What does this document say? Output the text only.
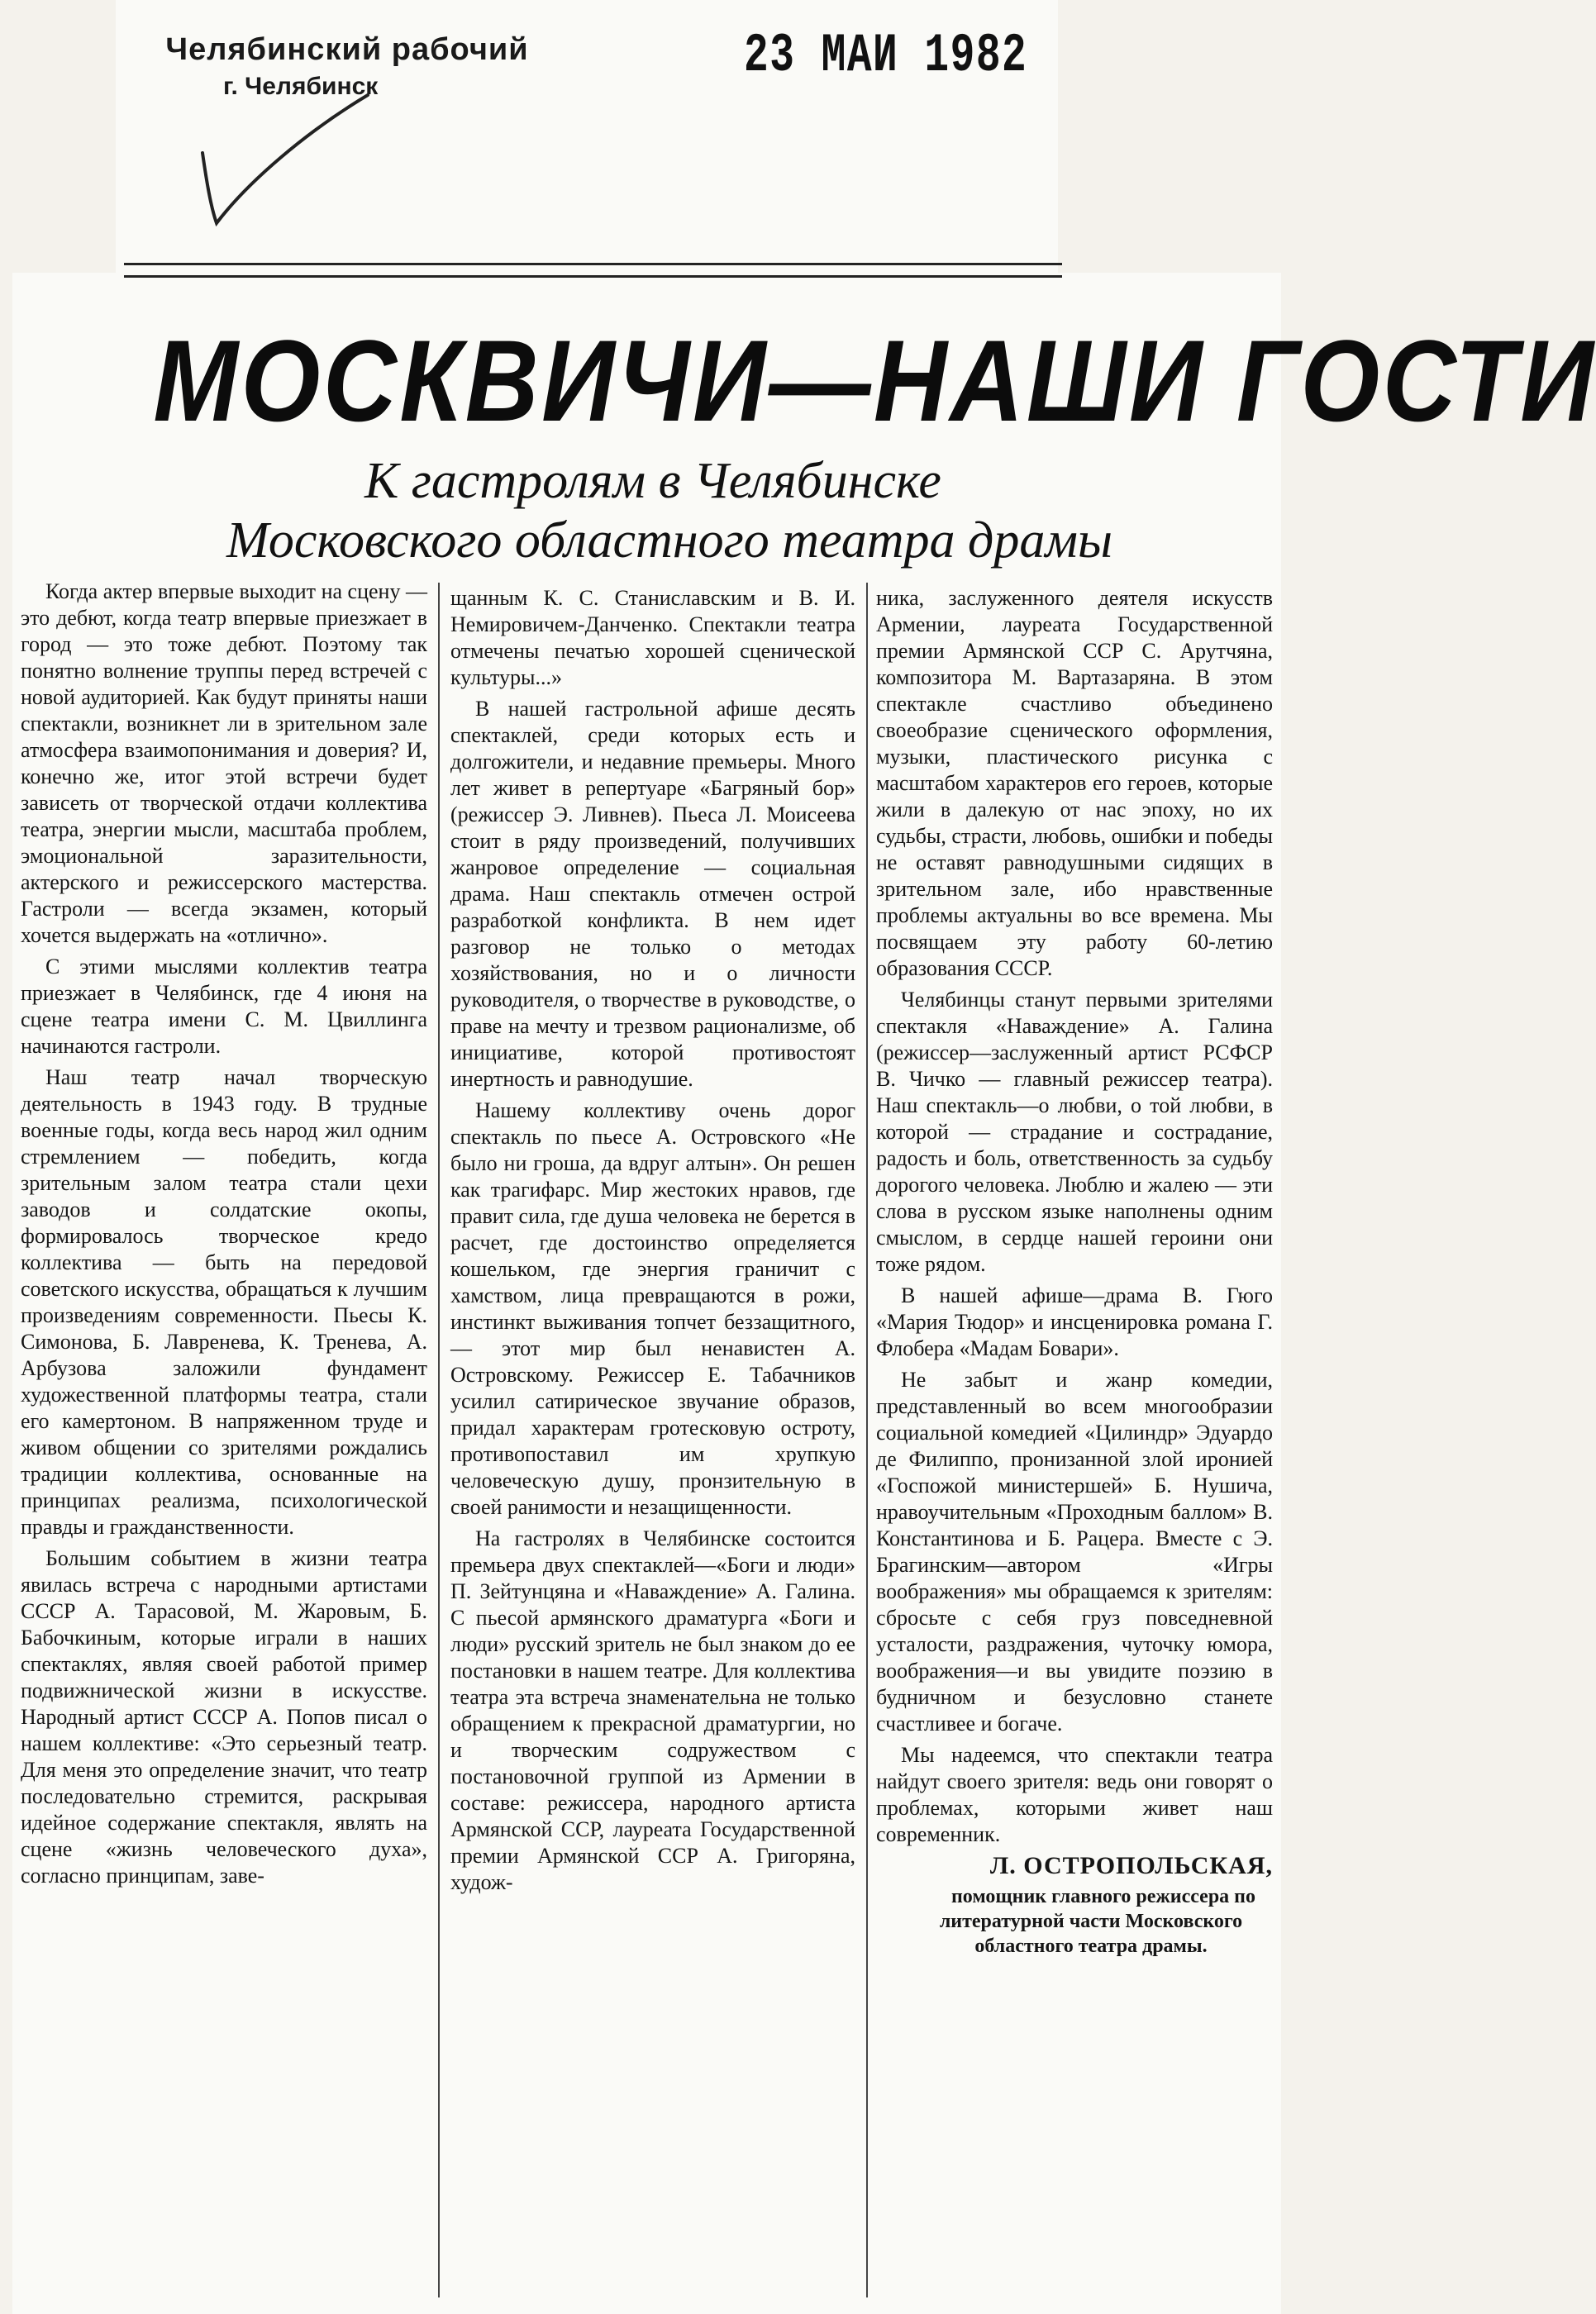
Челябинский рабочий
г. Челябинск	23 МАИ 1982
МОСКВИЧИ—НАШИ ГОСТИ
К гастролям в Челябинске
Московского областного театра драмы

Когда актер впервые выходит на сцену — это дебют, когда театр впервые приезжает в город — это тоже дебют. Поэтому так понятно волнение труппы перед встречей с новой аудиторией. Как будут приняты наши спектакли, возникнет ли в зрительном зале атмосфера взаимопонимания и доверия? И, конечно же, итог этой встречи будет зависеть от творческой отдачи коллектива театра, энергии мысли, масштаба проблем, эмоциональной заразительности, актерского и режиссерского мастерства. Гастроли — всегда экзамен, который хочется выдержать на «отлично».

С этими мыслями коллектив театра приезжает в Челябинск, где 4 июня на сцене театра имени С. М. Цвиллинга начинаются гастроли.

Наш театр начал творческую деятельность в 1943 году. В трудные военные годы, когда весь народ жил одним стремлением — победить, когда зрительным залом театра стали цехи заводов и солдатские окопы, формировалось творческое кредо коллектива — быть на передовой советского искусства, обращаться к лучшим произведениям современности. Пьесы К. Симонова, Б. Лавренева, К. Тренева, А. Арбузова заложили фундамент художественной платформы театра, стали его камертоном. В напряженном труде и живом общении со зрителями рождались традиции коллектива, основанные на принципах реализма, психологической правды и гражданственности.

Большим событием в жизни театра явилась встреча с народными артистами СССР А. Тарасовой, М. Жаровым, Б. Бабочкиным, которые играли в наших спектаклях, являя своей работой пример подвижнической жизни в искусстве. Народный артист СССР А. Попов писал о нашем коллективе: «Это серьезный театр. Для меня это определение значит, что театр последовательно стремится, раскрывая идейное содержание спектакля, являть на сцене «жизнь человеческого духа», согласно принципам, заве-

щанным К. С. Станиславским и В. И. Немировичем-Данченко. Спектакли театра отмечены печатью хорошей сценической культуры...»

В нашей гастрольной афише десять спектаклей, среди которых есть и долгожители, и недавние премьеры. Много лет живет в репертуаре «Багряный бор» (режиссер Э. Ливнев). Пьеса Л. Моисеева стоит в ряду произведений, получивших жанровое определение — социальная драма. Наш спектакль отмечен острой разработкой конфликта. В нем идет разговор не только о методах хозяйствования, но и о личности руководителя, о творчестве в руководстве, о праве на мечту и трезвом рационализме, об инициативе, которой противостоят инертность и равнодушие.

Нашему коллективу очень дорог спектакль по пьесе А. Островского «Не было ни гроша, да вдруг алтын». Он решен как трагифарс. Мир жестоких нравов, где правит сила, где душа человека не берется в расчет, где достоинство определяется кошельком, где энергия граничит с хамством, лица превращаются в рожи, инстинкт выживания топчет беззащитного, — этот мир был ненавистен А. Островскому. Режиссер Е. Табачников усилил сатирическое звучание образов, придал характерам гротесковую остроту, противопоставил им хрупкую человеческую душу, пронзительную в своей ранимости и незащищенности.

На гастролях в Челябинске состоится премьера двух спектаклей—«Боги и люди» П. Зейтунцяна и «Наваждение» А. Галина. С пьесой армянского драматурга «Боги и люди» русский зритель не был знаком до ее постановки в нашем театре. Для коллектива театра эта встреча знаменательна не только обращением к прекрасной драматургии, но и творческим содружеством с постановочной группой из Армении в составе: режиссера, народного артиста Армянской ССР, лауреата Государственной премии Армянской ССР А. Григоряна, худож-

ника, заслуженного деятеля искусств Армении, лауреата Государственной премии Армянской ССР С. Арутчяна, композитора М. Вартазаряна. В этом спектакле счастливо объединено своеобразие сценического оформления, музыки, пластического рисунка с масштабом характеров его героев, которые жили в далекую от нас эпоху, но их судьбы, страсти, любовь, ошибки и победы не оставят равнодушными сидящих в зрительном зале, ибо нравственные проблемы актуальны во все времена. Мы посвящаем эту работу 60-летию образования СССР.

Челябинцы станут первыми зрителями спектакля «Наваждение» А. Галина (режиссер—заслуженный артист РСФСР В. Чичко — главный режиссер театра). Наш спектакль—о любви, о той любви, в которой — страдание и сострадание, радость и боль, ответственность за судьбу дорогого человека. Люблю и жалею — эти слова в русском языке наполнены одним смыслом, в сердце нашей героини они тоже рядом.

В нашей афише—драма В. Гюго «Мария Тюдор» и инсценировка романа Г. Флобера «Мадам Бовари».

Не забыт и жанр комедии, представленный во всем многообразии социальной комедией «Цилиндр» Эдуардо де Филиппо, пронизанной злой иронией «Госпожой министершей» Б. Нушича, нравоучительным «Проходным баллом» В. Константинова и Б. Рацера. Вместе с Э. Брагинским—автором «Игры воображения» мы обращаемся к зрителям: сбросьте с себя груз повседневной усталости, раздражения, чуточку юмора, воображения—и вы увидите поэзию в будничном и безусловно станете счастливее и богаче.

Мы надеемся, что спектакли театра найдут своего зрителя: ведь они говорят о проблемах, которыми живет наш современник.

Л. ОСТРОПОЛЬСКАЯ,

помощник главного режиссера по литературной части Московского областного театра драмы.
